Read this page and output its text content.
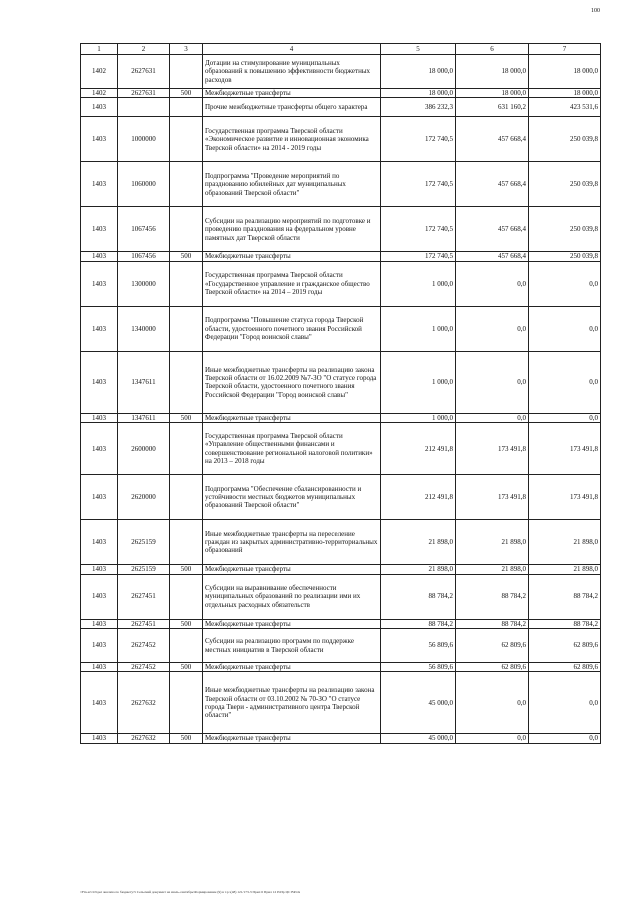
100
1	2	3	4	5	6	7
1402	2627631		Дотации на стимулирование муниципальных образований к повышению эффективности бюджетных расходов	18 000,0	18 000,0	18 000,0
1402	2627631	500	Межбюджетные трансферты	18 000,0	18 000,0	18 000,0
1403			Прочие межбюджетные трансферты общего характера	386 232,3	631 160,2	423 531,6
1403	1000000		Государственная программа Тверской области «Экономическое развитие и инновационная экономика Тверской области» на 2014 - 2019 годы	172 740,5	457 668,4	250 039,8
1403	1060000		Подпрограмма "Проведение мероприятий по празднованию юбилейных дат муниципальных образований Тверской области"	172 740,5	457 668,4	250 039,8
1403	1067456		Субсидии на реализацию мероприятий по подготовке и проведению празднования на федеральном уровне памятных дат Тверской области	172 740,5	457 668,4	250 039,8
1403	1067456	500	Межбюджетные трансферты	172 740,5	457 668,4	250 039,8
1403	1300000		Государственная программа Тверской области «Государственное управление и гражданское общество Тверской области» на 2014 – 2019 годы	1 000,0	0,0	0,0
1403	1340000		Подпрограмма "Повышение статуса города Тверской области, удостоенного почетного звания Российской Федерации "Город воинской славы"	1 000,0	0,0	0,0
1403	1347611		Иные межбюджетные трансферты на реализацию закона Тверской области от 16.02.2009 №7-ЗО "О статусе города Тверской области, удостоенного почетного звания Российской Федерации "Город воинской славы"	1 000,0	0,0	0,0
1403	1347611	500	Межбюджетные трансферты	1 000,0	0,0	0,0
1403	2600000		Государственная программа Тверской области «Управление общественными финансами и совершенствование региональной налоговой политики» на 2013 – 2018 годы	212 491,8	173 491,8	173 491,8
1403	2620000		Подпрограмма "Обеспечение сбалансированности и устойчивости местных бюджетов муниципальных образований Тверской области"	212 491,8	173 491,8	173 491,8
1403	2625159		Иные межбюджетные трансферты на переселение граждан из закрытых административно-территориальных образований	21 898,0	21 898,0	21 898,0
1403	2625159	500	Межбюджетные трансферты	21 898,0	21 898,0	21 898,0
1403	2627451		Субсидии на выравнивание обеспеченности муниципальных образований по реализации ими их отдельных расходных обязательств	88 784,2	88 784,2	88 784,2
1403	2627451	500	Межбюджетные трансферты	88 784,2	88 784,2	88 784,2
1403	2627452		Субсидии на реализацию программ по поддержке местных инициатив в Тверской области	56 809,6	62 809,6	62 809,6
1403	2627452	500	Межбюджетные трансферты	56 809,6	62 809,6	62 809,6
1403	2627632		Иные межбюджетные трансферты на реализацию закона Тверской области от 03.10.2002 № 70-ЗО "О статусе города Твери - административного центра Тверской области"	45 000,0	0,0	0,0
1403	2627632	500	Межбюджетные трансферты	45 000,0	0,0	0,0
\\Fin-srv\Отдел анализа по бюджету\5 Сельский документ на июль-сентябрь\Формирование (9) в т.р.\(48) 121/173-3 Прил 6 Прил 12 РзПр ЦС ВР.xls
